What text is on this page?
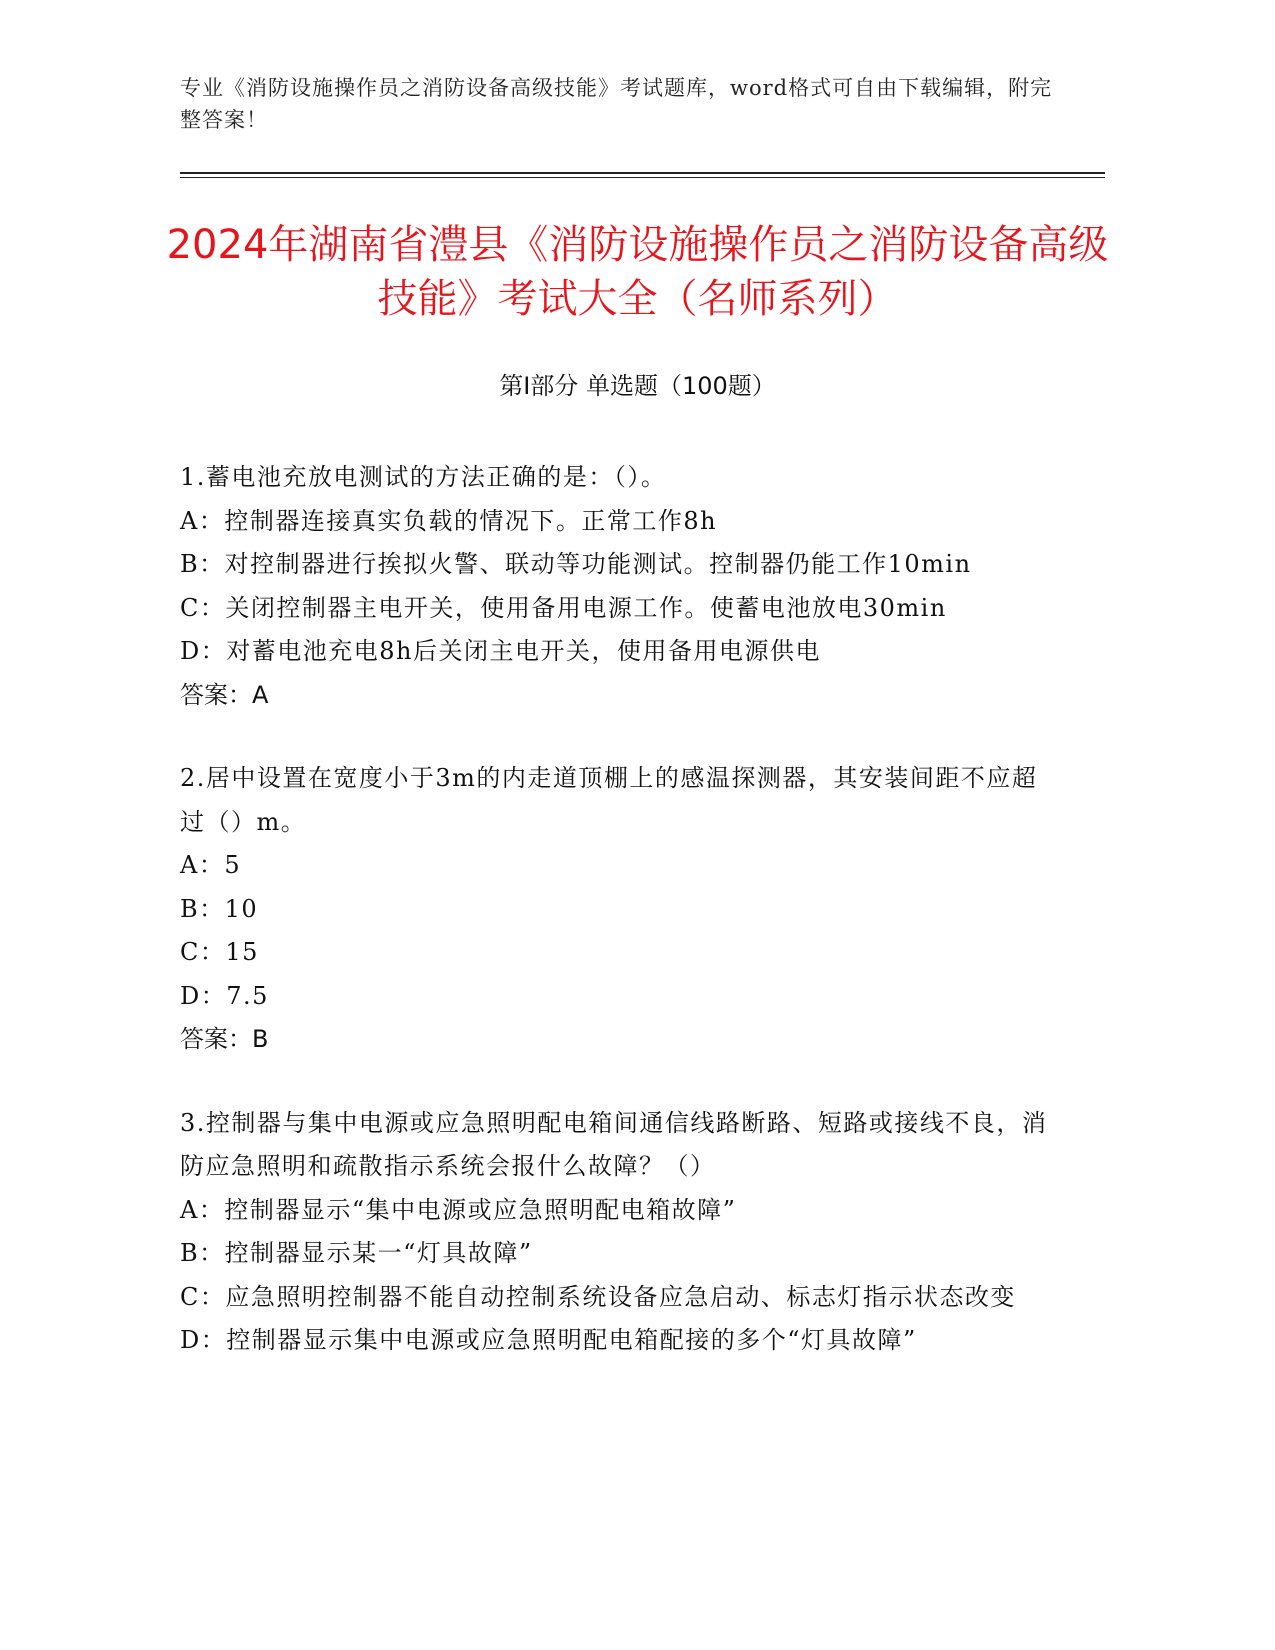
专业《消防设施操作员之消防设备高级技能》考试题库，word格式可自由下载编辑，附完整答案！
2024年湖南省澧县《消防设施操作员之消防设备高级技能》考试大全（名师系列）
第I部分 单选题（100题）

1.蓄电池充放电测试的方法正确的是：（）。

A：控制器连接真实负载的情况下。正常工作8h

B：对控制器进行挨拟火警、联动等功能测试。控制器仍能工作10min

C：关闭控制器主电开关，使用备用电源工作。使蓄电池放电30min

D：对蓄电池充电8h后关闭主电开关，使用备用电源供电

答案：A

2.居中设置在宽度小于3m的内走道顶棚上的感温探测器，其安装间距不应超过（）m。

A：5

B：10

C：15

D：7.5

答案：B

3.控制器与集中电源或应急照明配电箱间通信线路断路、短路或接线不良，消防应急照明和疏散指示系统会报什么故障？（）

A：控制器显示“集中电源或应急照明配电箱故障”

B：控制器显示某一“灯具故障”

C：应急照明控制器不能自动控制系统设备应急启动、标志灯指示状态改变

D：控制器显示集中电源或应急照明配电箱配接的多个“灯具故障”
